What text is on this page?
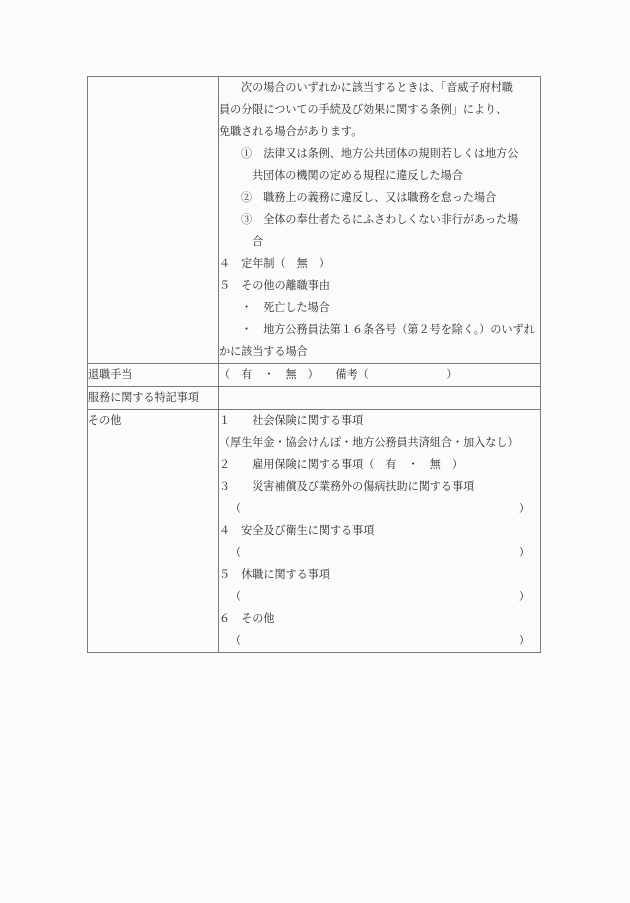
次の場合のいずれかに該当するときは、「音威子府村職
員の分限についての手続及び効果に関する条例」により、
免職される場合があります。
①　法律又は条例、地方公共団体の規則若しくは地方公
共団体の機関の定める規程に違反した場合
②　職務上の義務に違反し、又は職務を怠った場合
③　全体の奉仕者たるにふさわしくない非行があった場
合
４　定年制（　無　）
５　その他の離職事由
・　死亡した場合
・　地方公務員法第１６条各号（第２号を除く。）のいずれ
かに該当する場合

退職手当	（　有　・　無　）　　備考（　　　　　　　）

服務に関する特記事項	

その他	１　　社会保険に関する事項
（厚生年金・協会けんぽ・地方公務員共済組合・加入なし）
２　　雇用保険に関する事項（　有　・　無　）
３　　災害補償及び業務外の傷病扶助に関する事項
（	）
４　安全及び衛生に関する事項
（	）
５　休職に関する事項
（	）
６　その他
（	）
